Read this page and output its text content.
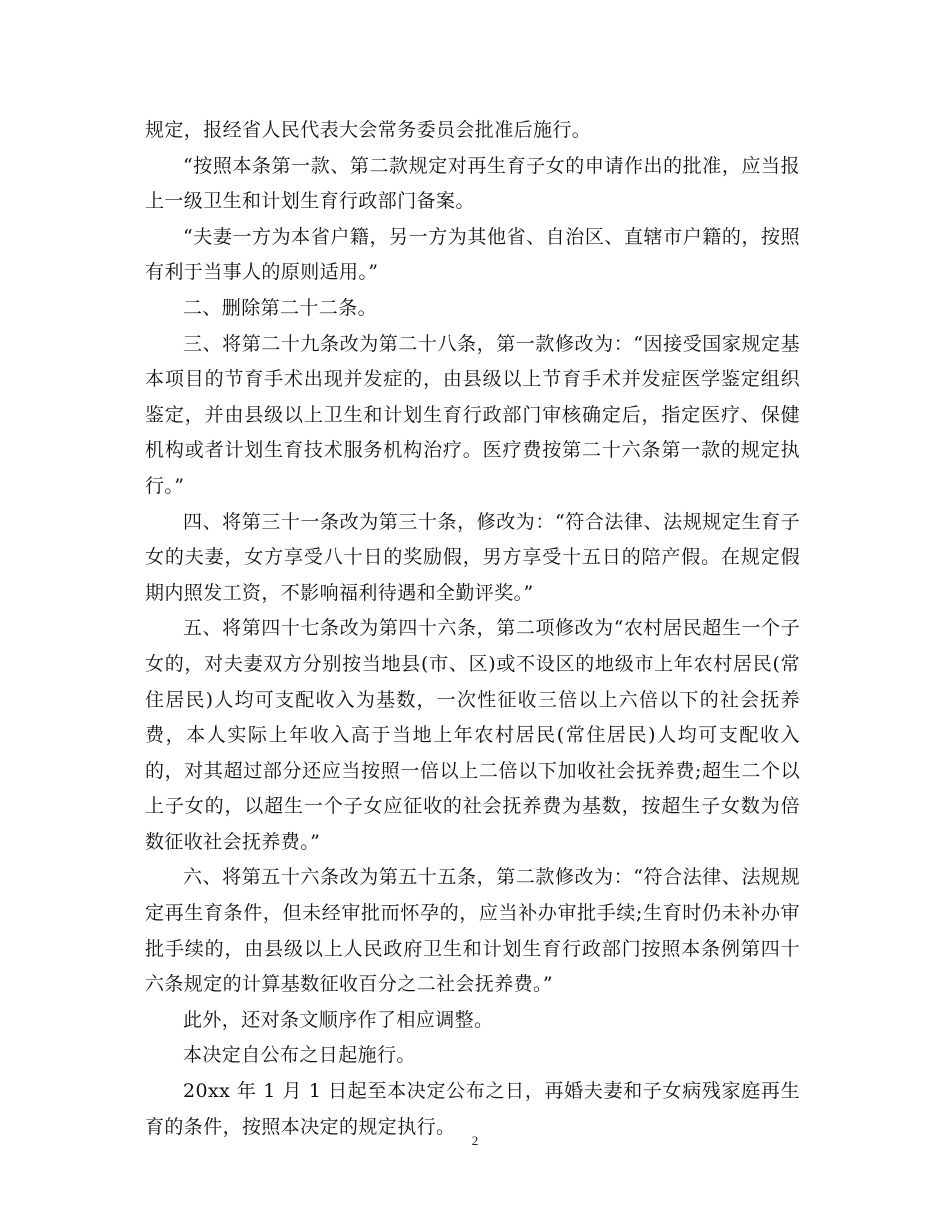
规定，报经省人民代表大会常务委员会批准后施行。

“按照本条第一款、第二款规定对再生育子女的申请作出的批准，应当报上一级卫生和计划生育行政部门备案。

“夫妻一方为本省户籍，另一方为其他省、自治区、直辖市户籍的，按照有利于当事人的原则适用。”

二、删除第二十二条。

三、将第二十九条改为第二十八条，第一款修改为：“因接受国家规定基本项目的节育手术出现并发症的，由县级以上节育手术并发症医学鉴定组织鉴定，并由县级以上卫生和计划生育行政部门审核确定后，指定医疗、保健机构或者计划生育技术服务机构治疗。医疗费按第二十六条第一款的规定执行。”

四、将第三十一条改为第三十条，修改为：“符合法律、法规规定生育子女的夫妻，女方享受八十日的奖励假，男方享受十五日的陪产假。在规定假期内照发工资，不影响福利待遇和全勤评奖。”

五、将第四十七条改为第四十六条，第二项修改为“农村居民超生一个子女的，对夫妻双方分别按当地县(市、区)或不设区的地级市上年农村居民(常住居民)人均可支配收入为基数，一次性征收三倍以上六倍以下的社会抚养费，本人实际上年收入高于当地上年农村居民(常住居民)人均可支配收入的，对其超过部分还应当按照一倍以上二倍以下加收社会抚养费;超生二个以上子女的，以超生一个子女应征收的社会抚养费为基数，按超生子女数为倍数征收社会抚养费。”

六、将第五十六条改为第五十五条，第二款修改为：“符合法律、法规规定再生育条件，但未经审批而怀孕的，应当补办审批手续;生育时仍未补办审批手续的，由县级以上人民政府卫生和计划生育行政部门按照本条例第四十六条规定的计算基数征收百分之二社会抚养费。”

此外，还对条文顺序作了相应调整。

本决定自公布之日起施行。

20xx 年 1 月 1 日起至本决定公布之日，再婚夫妻和子女病残家庭再生育的条件，按照本决定的规定执行。

2
